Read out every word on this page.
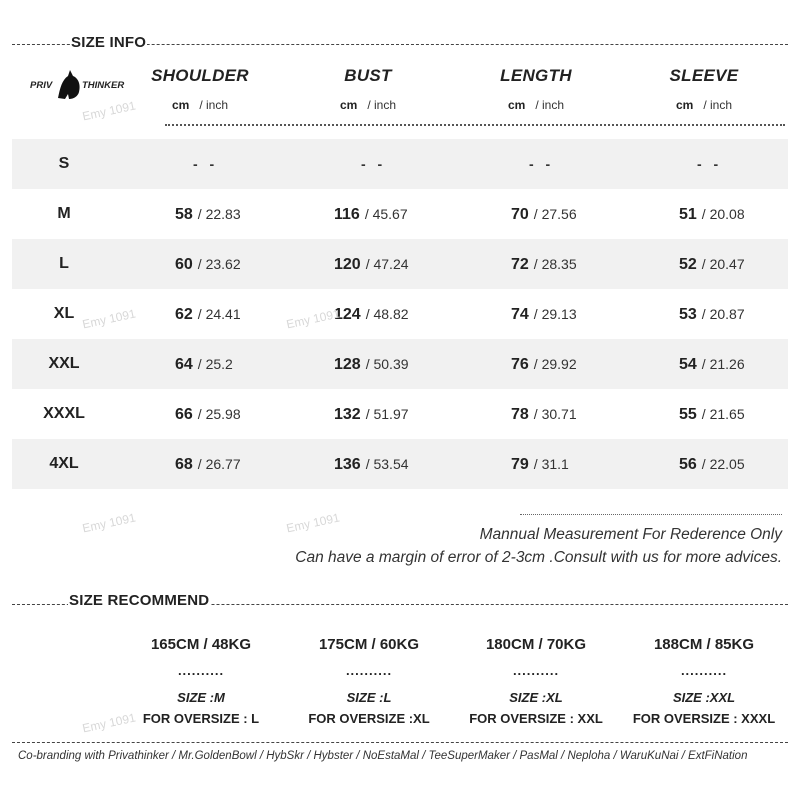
SIZE INFO
PRIV	THINKER
SHOULDER
cm / inch
BUST
cm / inch
LENGTH
cm / inch
SLEEVE
cm / inch
S	- -	- -	- -	- -
M	58 / 22.83	116 / 45.67	70 / 27.56	51 / 20.08
L	60 / 23.62	120 / 47.24	72 / 28.35	52 / 20.47
XL	62 / 24.41	124 / 48.82	74 / 29.13	53 / 20.87
XXL	64 / 25.2	128 / 50.39	76 / 29.92	54 / 21.26
XXXL	66 / 25.98	132 / 51.97	78 / 30.71	55 / 21.65
4XL	68 / 26.77	136 / 53.54	79 / 31.1	56 / 22.05
Mannual Measurement For Rederence Only
Can have a margin of error of 2-3cm .Consult with us for more advices.
SIZE RECOMMEND
165CM / 48KG
..........
SIZE :M
FOR OVERSIZE : L
175CM / 60KG
..........
SIZE :L
FOR OVERSIZE :XL
180CM / 70KG
..........
SIZE :XL
FOR OVERSIZE : XXL
188CM / 85KG
..........
SIZE :XXL
FOR OVERSIZE : XXXL
Co-branding with Privathinker / Mr.GoldenBowl / HybSkr / Hybster / NoEstaMal / TeeSuperMaker / PasMal / Neploha / WaruKuNai / ExtFiNation
Emy 1091
Emy 1091
Emy 1091
Emy 1091
Emy 1091
Emy 1091
